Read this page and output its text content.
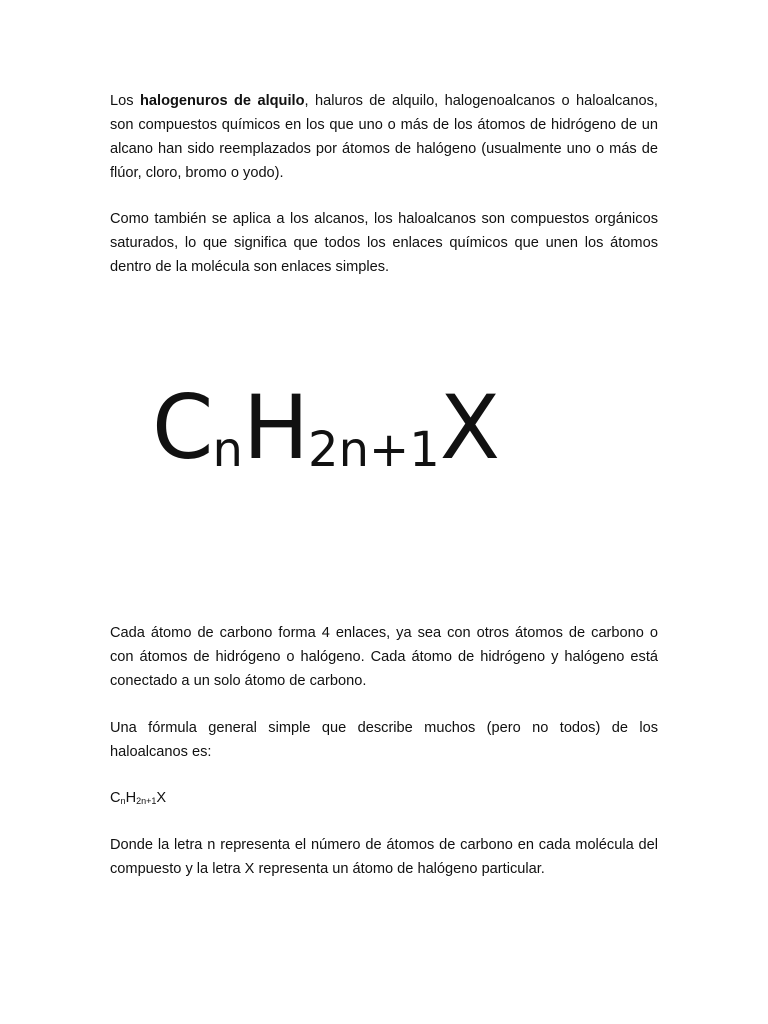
Los halogenuros de alquilo, haluros de alquilo, halogenoalcanos o haloalcanos, son compuestos químicos en los que uno o más de los átomos de hidrógeno de un alcano han sido reemplazados por átomos de halógeno (usualmente uno o más de flúor, cloro, bromo o yodo).

Como también se aplica a los alcanos, los haloalcanos son compuestos orgánicos saturados, lo que significa que todos los enlaces químicos que unen los átomos dentro de la molécula son enlaces simples.

CnH2n+1X

Cada átomo de carbono forma 4 enlaces, ya sea con otros átomos de carbono o con átomos de hidrógeno o halógeno. Cada átomo de hidrógeno y halógeno está conectado a un solo átomo de carbono.

Una fórmula general simple que describe muchos (pero no todos) de los haloalcanos es:

CnH2n+1X

Donde la letra n representa el número de átomos de carbono en cada molécula del compuesto y la letra X representa un átomo de halógeno particular.
